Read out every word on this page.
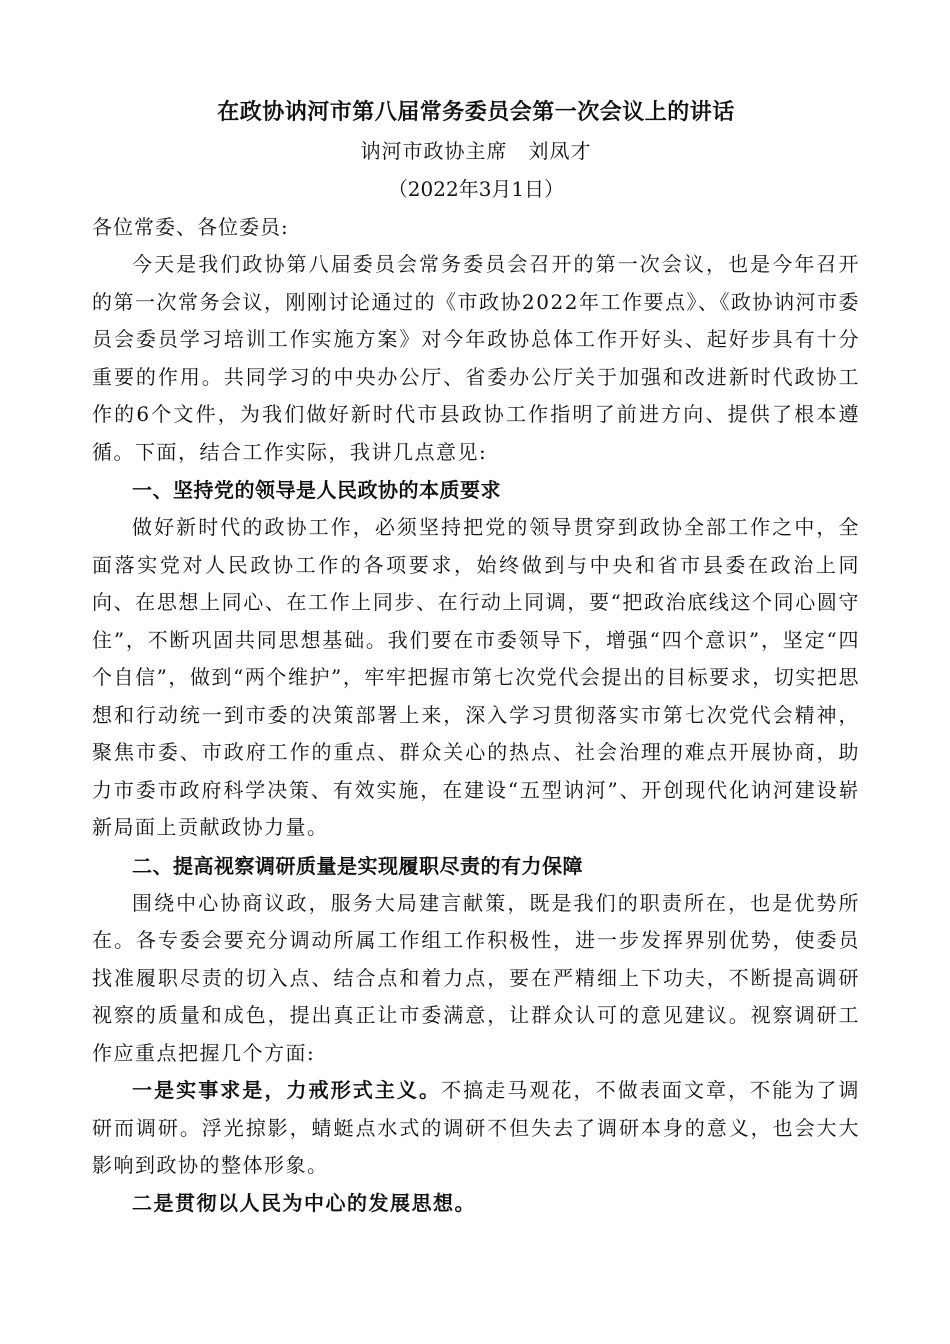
在政协讷河市第八届常务委员会第一次会议上的讲话

讷河市政协主席　刘凤才

（2022年3月1日）

各位常委、各位委员:

今天是我们政协第八届委员会常务委员会召开的第一次会议，也是今年召开的第一次常务会议，刚刚讨论通过的《市政协2022年工作要点》、《政协讷河市委员会委员学习培训工作实施方案》对今年政协总体工作开好头、起好步具有十分重要的作用。共同学习的中央办公厅、省委办公厅关于加强和改进新时代政协工作的6个文件，为我们做好新时代市县政协工作指明了前进方向、提供了根本遵循。下面，结合工作实际，我讲几点意见:

一、坚持党的领导是人民政协的本质要求

做好新时代的政协工作，必须坚持把党的领导贯穿到政协全部工作之中，全面落实党对人民政协工作的各项要求，始终做到与中央和省市县委在政治上同向、在思想上同心、在工作上同步、在行动上同调，要“把政治底线这个同心圆守住”，不断巩固共同思想基础。我们要在市委领导下，增强“四个意识”，坚定“四个自信”，做到“两个维护”，牢牢把握市第七次党代会提出的目标要求，切实把思想和行动统一到市委的决策部署上来，深入学习贯彻落实市第七次党代会精神，聚焦市委、市政府工作的重点、群众关心的热点、社会治理的难点开展协商，助力市委市政府科学决策、有效实施，在建设“五型讷河”、开创现代化讷河建设崭新局面上贡献政协力量。

二、提高视察调研质量是实现履职尽责的有力保障

围绕中心协商议政，服务大局建言献策，既是我们的职责所在，也是优势所在。各专委会要充分调动所属工作组工作积极性，进一步发挥界别优势，使委员找准履职尽责的切入点、结合点和着力点，要在严精细上下功夫，不断提高调研视察的质量和成色，提出真正让市委满意，让群众认可的意见建议。视察调研工作应重点把握几个方面:

一是实事求是，力戒形式主义。不搞走马观花，不做表面文章，不能为了调研而调研。浮光掠影，蜻蜓点水式的调研不但失去了调研本身的意义，也会大大影响到政协的整体形象。

二是贯彻以人民为中心的发展思想。
